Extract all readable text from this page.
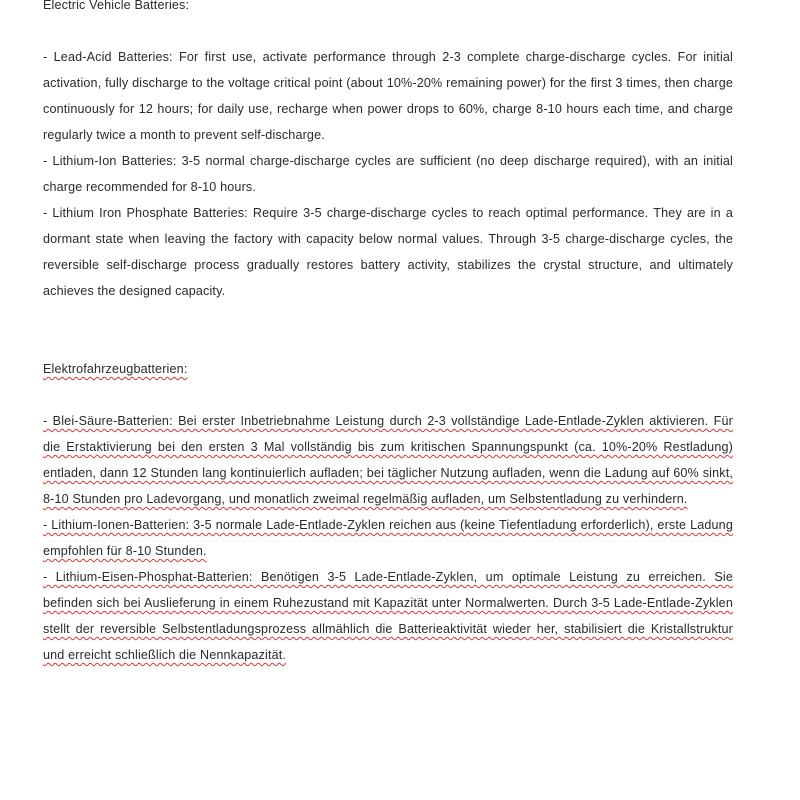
Electric Vehicle Batteries:

- Lead-Acid Batteries: For first use, activate performance through 2-3 complete charge-discharge cycles. For initial activation, fully discharge to the voltage critical point (about 10%-20% remaining power) for the first 3 times, then charge continuously for 12 hours; for daily use, recharge when power drops to 60%, charge 8-10 hours each time, and charge regularly twice a month to prevent self-discharge.

- Lithium-Ion Batteries: 3-5 normal charge-discharge cycles are sufficient (no deep discharge required), with an initial charge recommended for 8-10 hours.

- Lithium Iron Phosphate Batteries: Require 3-5 charge-discharge cycles to reach optimal performance. They are in a dormant state when leaving the factory with capacity below normal values. Through 3-5 charge-discharge cycles, the reversible self-discharge process gradually restores battery activity, stabilizes the crystal structure, and ultimately achieves the designed capacity.

Elektrofahrzeugbatterien:

- Blei-Säure-Batterien: Bei erster Inbetriebnahme Leistung durch 2-3 vollständige Lade-Entlade-Zyklen aktivieren. Für die Erstaktivierung bei den ersten 3 Mal vollständig bis zum kritischen Spannungspunkt (ca. 10%-20% Restladung) entladen, dann 12 Stunden lang kontinuierlich aufladen; bei täglicher Nutzung aufladen, wenn die Ladung auf 60% sinkt, 8-10 Stunden pro Ladevorgang, und monatlich zweimal regelmäßig aufladen, um Selbstentladung zu verhindern.

- Lithium-Ionen-Batterien: 3-5 normale Lade-Entlade-Zyklen reichen aus (keine Tiefentladung erforderlich), erste Ladung empfohlen für 8-10 Stunden.

- Lithium-Eisen-Phosphat-Batterien: Benötigen 3-5 Lade-Entlade-Zyklen, um optimale Leistung zu erreichen. Sie befinden sich bei Auslieferung in einem Ruhezustand mit Kapazität unter Normalwerten. Durch 3-5 Lade-Entlade-Zyklen stellt der reversible Selbstentladungsprozess allmählich die Batterieaktivität wieder her, stabilisiert die Kristallstruktur und erreicht schließlich die Nennkapazität.
